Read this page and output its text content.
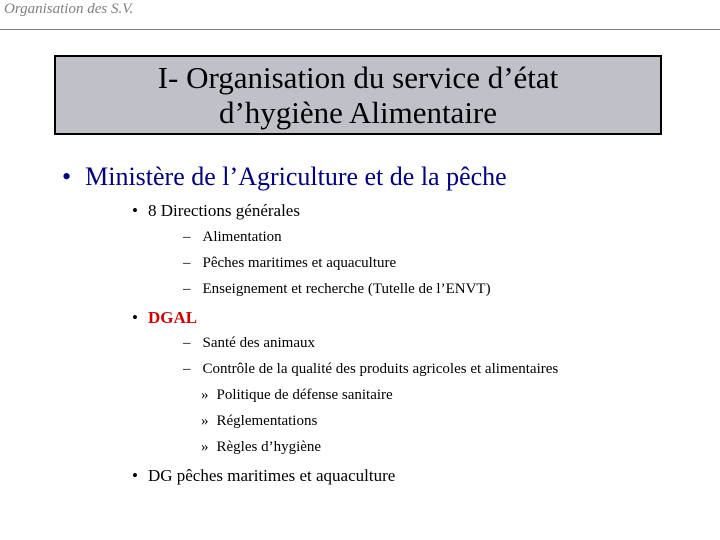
Organisation des S.V.
I- Organisation du service d’état
d’hygiène Alimentaire
• Ministère de l’Agriculture et de la pêche
• 8 Directions générales
– Alimentation
– Pêches maritimes et aquaculture
– Enseignement et recherche (Tutelle de l’ENVT)
• DGAL
– Santé des animaux
– Contrôle de la qualité des produits agricoles et alimentaires
» Politique de défense sanitaire
» Réglementations
» Règles d’hygiène
• DG pêches maritimes et aquaculture
